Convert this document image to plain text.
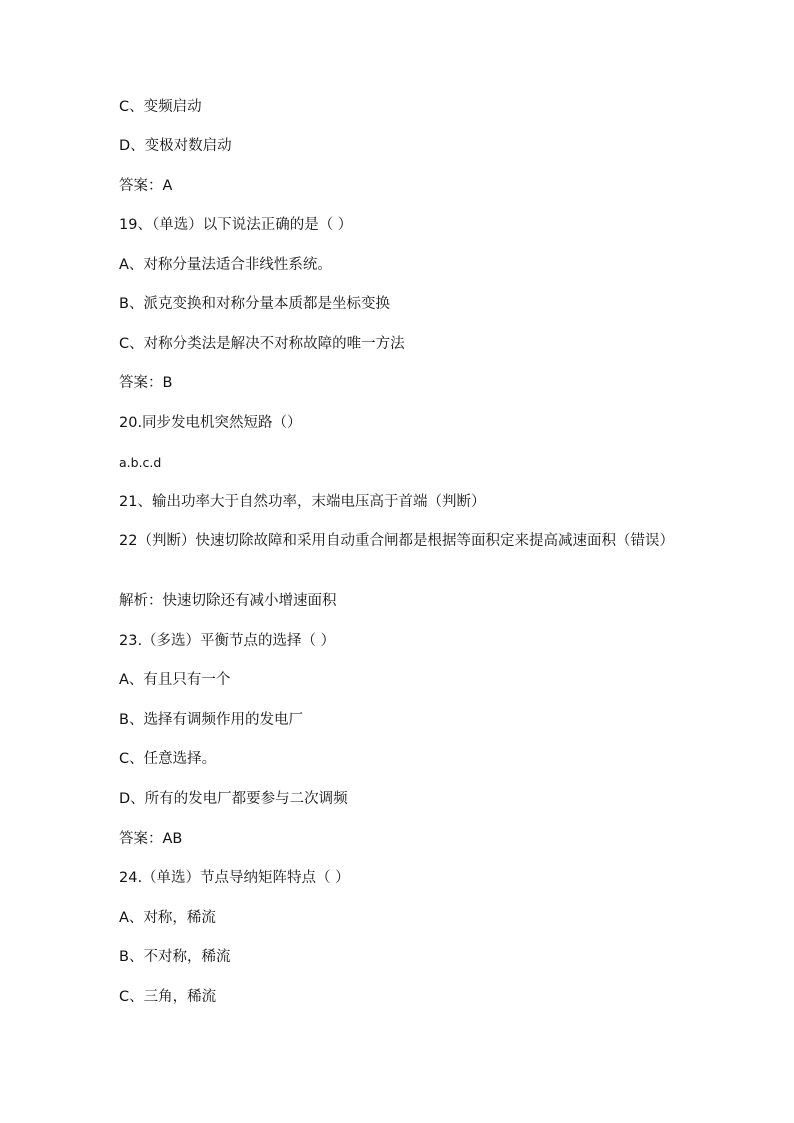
C、变频启动
D、变极对数启动
答案：A
19、（单选）以下说法正确的是（ ）
A、对称分量法适合非线性系统。
B、派克变换和对称分量本质都是坐标变换
C、对称分类法是解决不对称故障的唯一方法
答案：B
20.同步发电机突然短路（）
a.b.c.d
21、输出功率大于自然功率，末端电压高于首端（判断）
22（判断）快速切除故障和采用自动重合闸都是根据等面积定来提高减速面积（错误）
解析：快速切除还有减小增速面积
23.（多选）平衡节点的选择（ ）
A、有且只有一个
B、选择有调频作用的发电厂
C、任意选择。
D、所有的发电厂都要参与二次调频
答案：AB
24.（单选）节点导纳矩阵特点（ ）
A、对称，稀流
B、不对称，稀流
C、三角，稀流
